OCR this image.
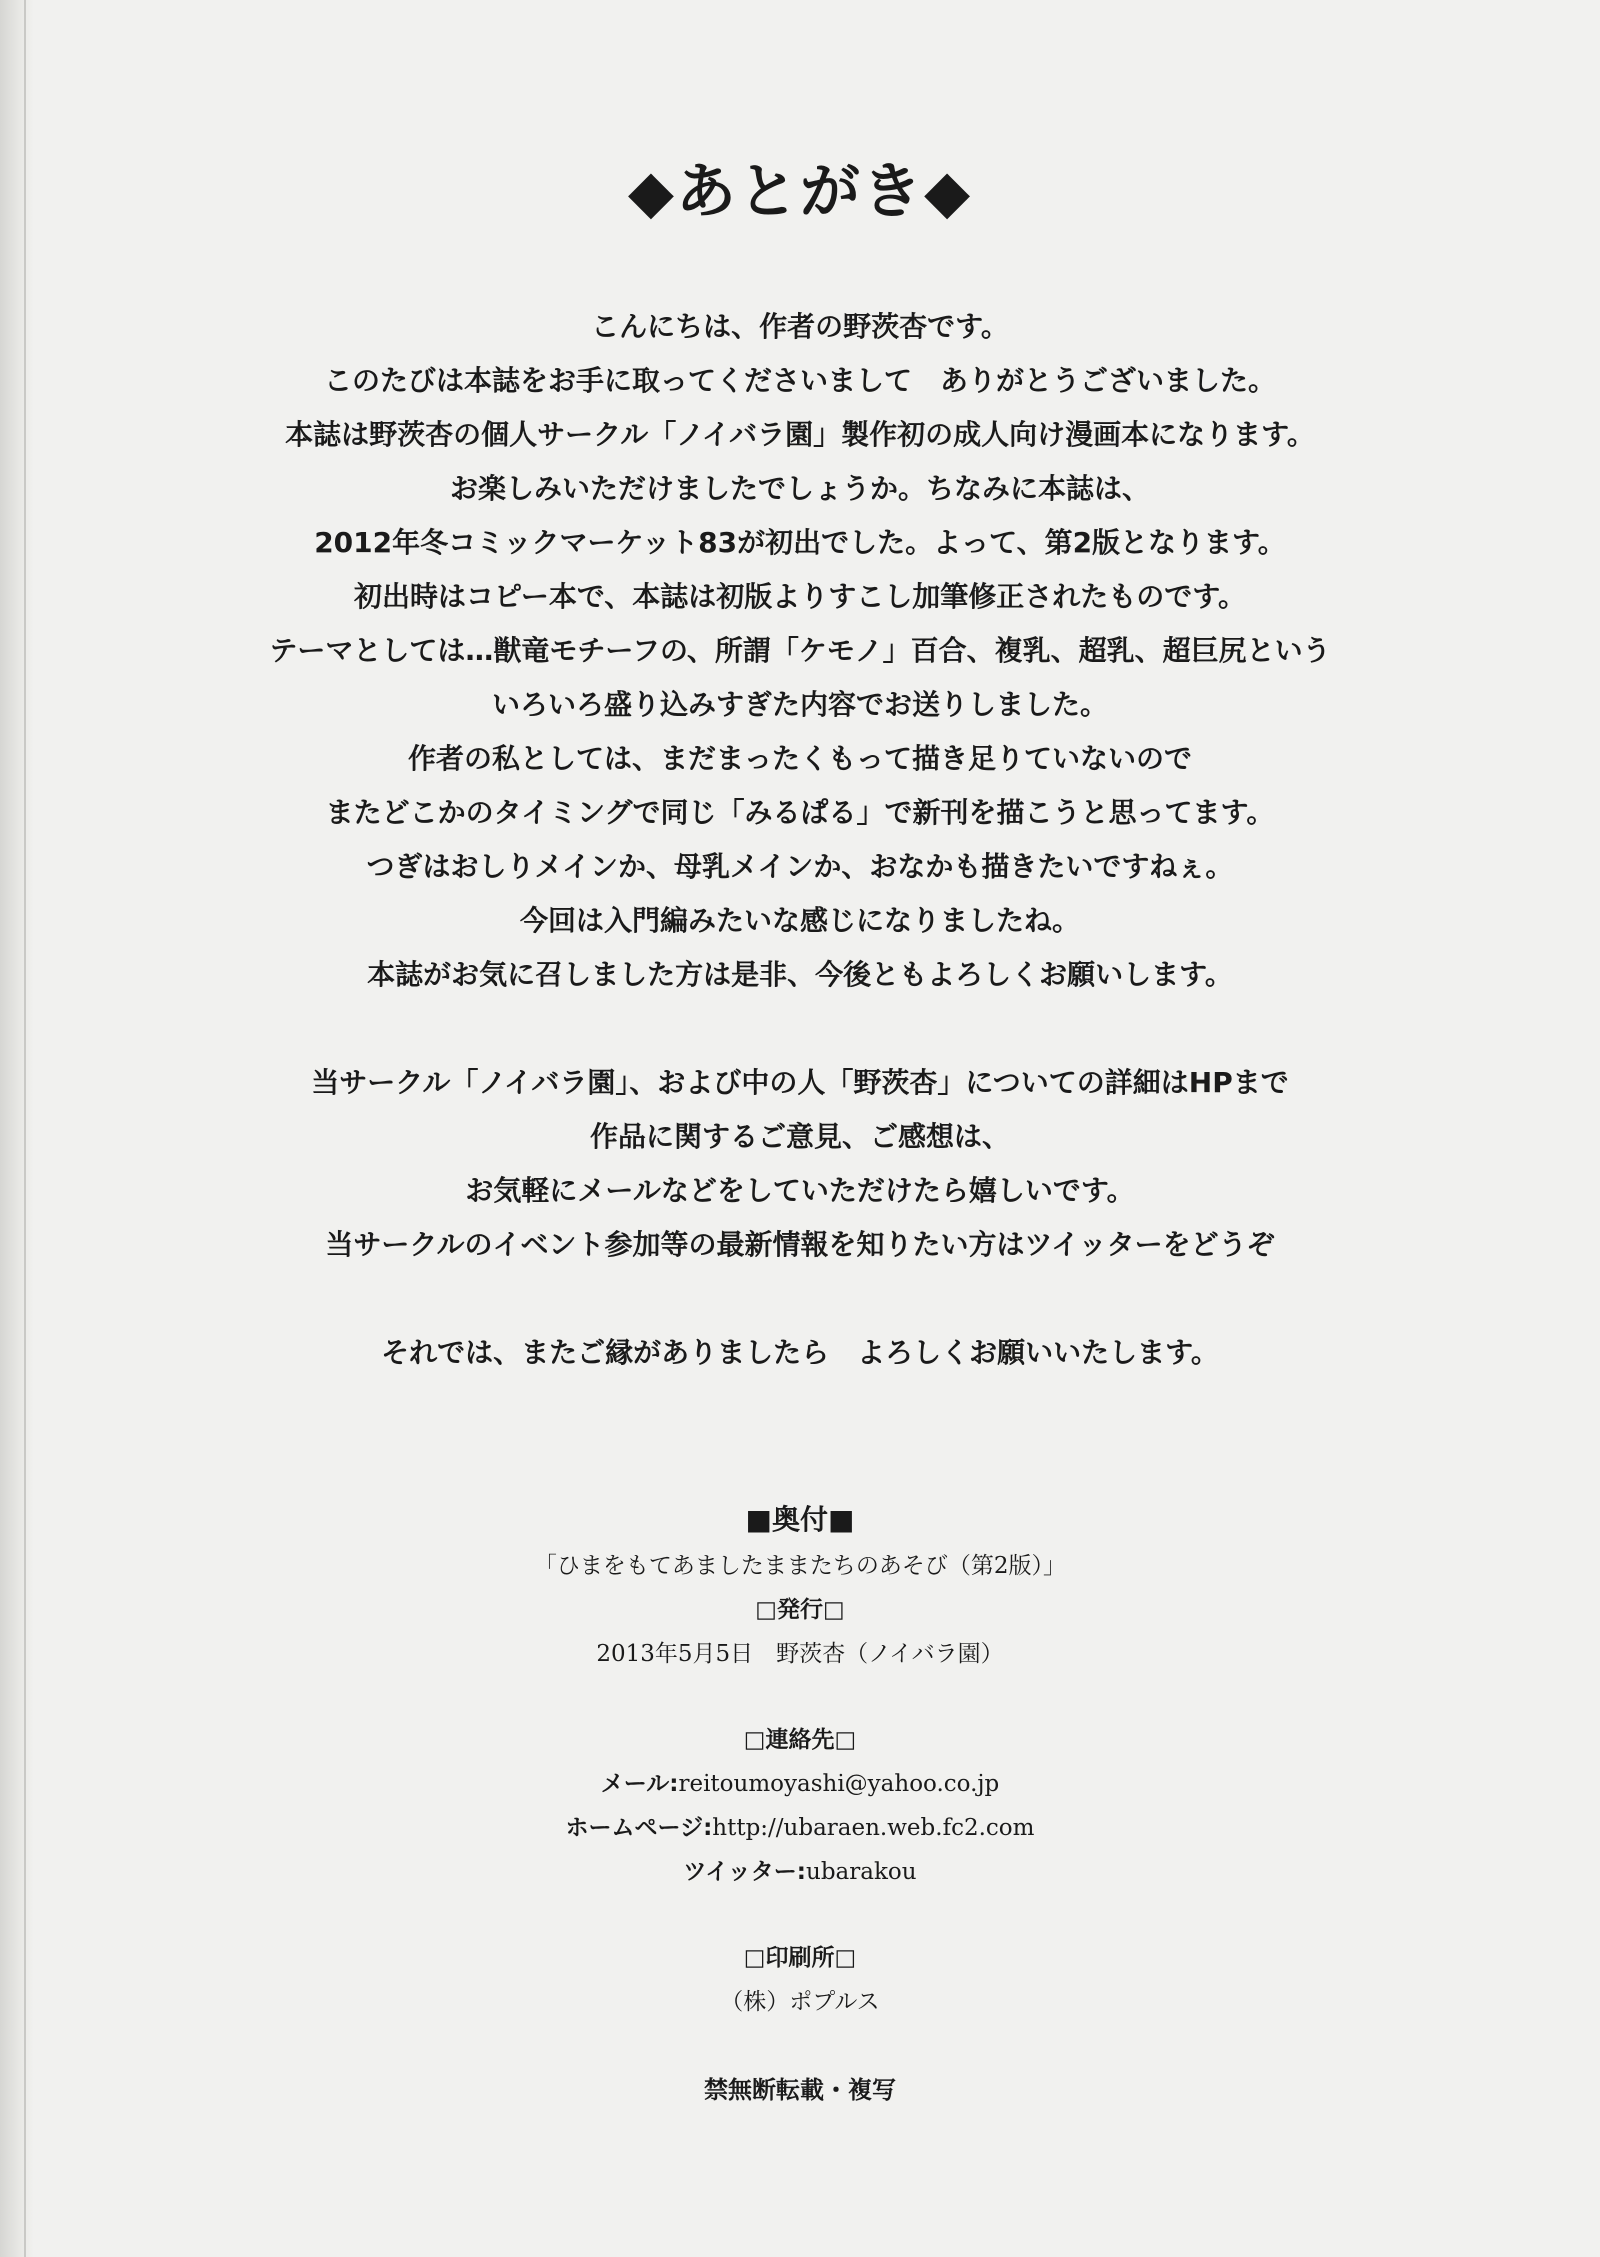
◆あとがき◆
こんにちは、作者の野茨杏です。
このたびは本誌をお手に取ってくださいまして　ありがとうございました。
本誌は野茨杏の個人サークル「ノイバラ園」製作初の成人向け漫画本になります。
お楽しみいただけましたでしょうか。ちなみに本誌は、
2012年冬コミックマーケット83が初出でした。よって、第2版となります。
初出時はコピー本で、本誌は初版よりすこし加筆修正されたものです。
テーマとしては…獣竜モチーフの、所謂「ケモノ」百合、複乳、超乳、超巨尻という
いろいろ盛り込みすぎた内容でお送りしました。
作者の私としては、まだまったくもって描き足りていないので
またどこかのタイミングで同じ「みるぱる」で新刊を描こうと思ってます。
つぎはおしりメインか、母乳メインか、おなかも描きたいですねぇ。
今回は入門編みたいな感じになりましたね。
本誌がお気に召しました方は是非、今後ともよろしくお願いします。
当サークル「ノイバラ園」、および中の人「野茨杏」についての詳細はHPまで
作品に関するご意見、ご感想は、
お気軽にメールなどをしていただけたら嬉しいです。
当サークルのイベント参加等の最新情報を知りたい方はツイッターをどうぞ
それでは、またご縁がありましたら　よろしくお願いいたします。
■奥付■
「ひまをもてあましたままたちのあそび（第2版）」
□発行□
2013年5月5日　野茨杏（ノイバラ園）
□連絡先□
メール:reitoumoyashi@yahoo.co.jp
ホームページ:http://ubaraen.web.fc2.com
ツイッター:ubarakou
□印刷所□
（株）ポプルス
禁無断転載・複写
